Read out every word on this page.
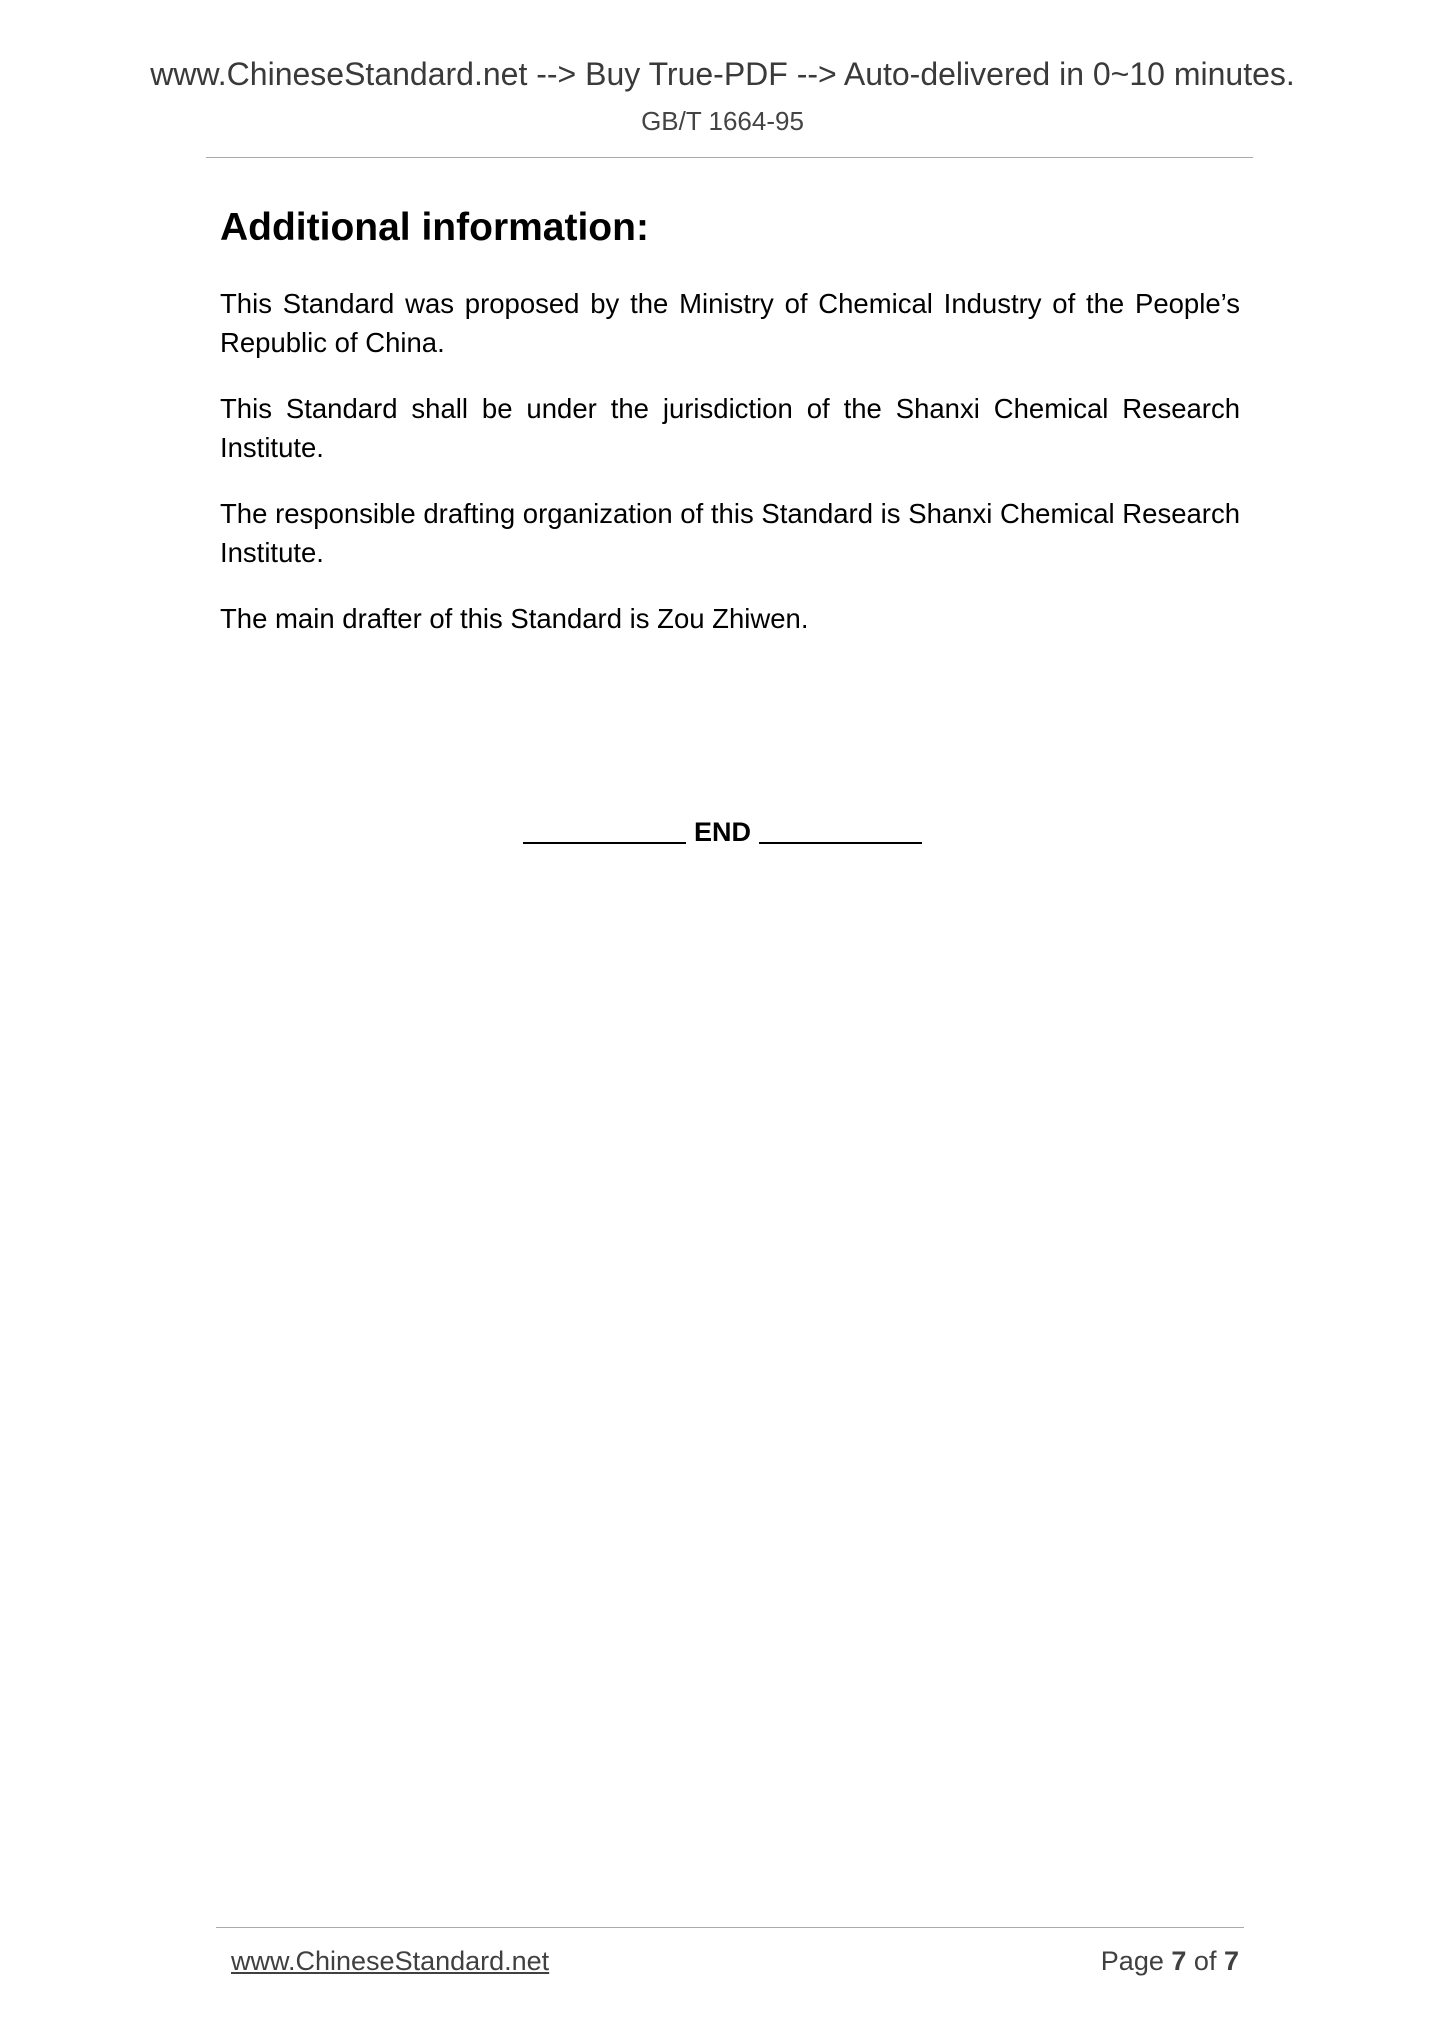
www.ChineseStandard.net --> Buy True-PDF --> Auto-delivered in 0~10 minutes.
GB/T 1664-95
Additional information:

This Standard was proposed by the Ministry of Chemical Industry of the People’s Republic of China.

This Standard shall be under the jurisdiction of the Shanxi Chemical Research Institute.

The responsible drafting organization of this Standard is Shanxi Chemical Research Institute.

The main drafter of this Standard is Zou Zhiwen.

END
www.ChineseStandard.net	Page 7 of 7
